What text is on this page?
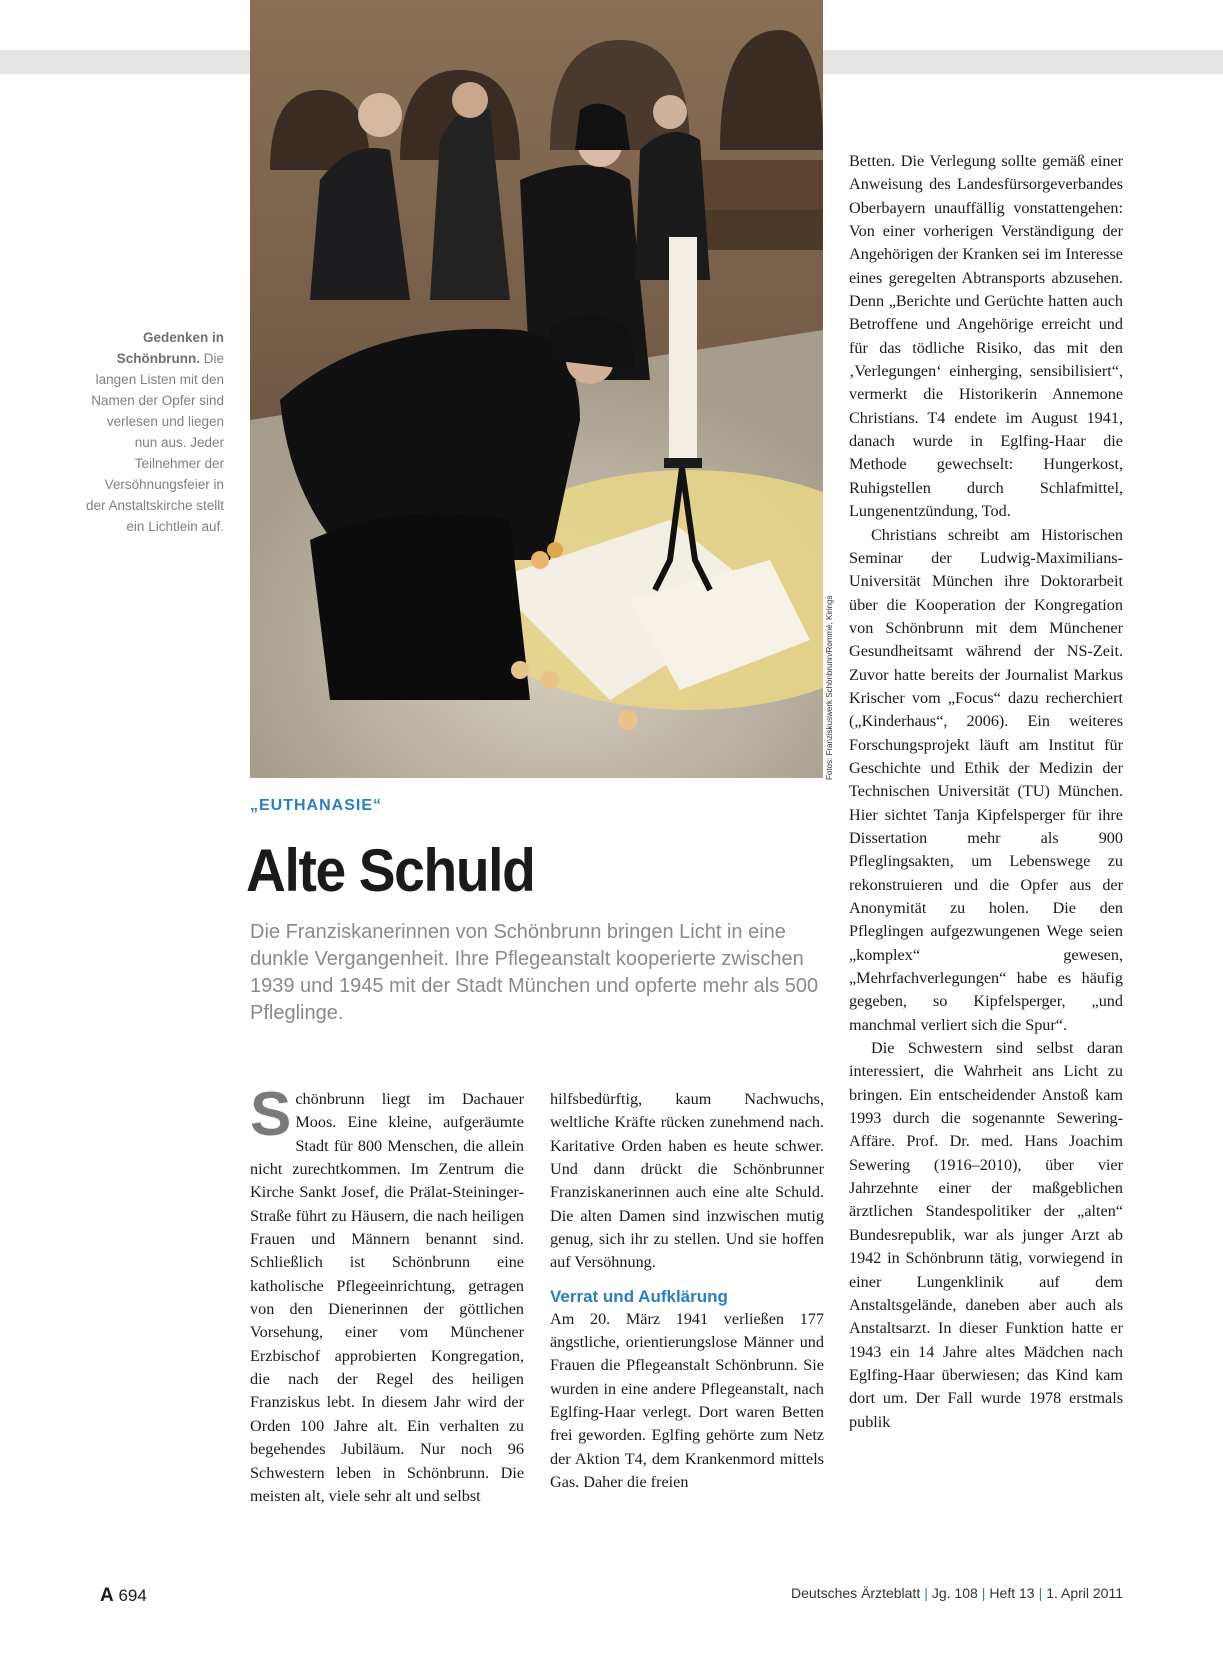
Fotos: Franziskuswerk Schönbrunn/Rommé, Kirings
Gedenken in Schönbrunn. Die langen Listen mit den Namen der Opfer sind verlesen und liegen nun aus. Jeder Teilnehmer der Versöhnungsfeier in der Anstaltskirche stellt ein Lichtlein auf.
„EUTHANASIE“
Alte Schuld
Die Franziskanerinnen von Schönbrunn bringen Licht in eine dunkle Vergangenheit. Ihre Pflegeanstalt kooperierte zwischen 1939 und 1945 mit der Stadt München und opferte mehr als 500 Pfleglinge.

Schönbrunn liegt im Dachauer Moos. Eine kleine, aufgeräumte Stadt für 800 Menschen, die allein nicht zurechtkommen. Im Zentrum die Kirche Sankt Josef, die Prälat-Steininger-Straße führt zu Häusern, die nach heiligen Frauen und Männern benannt sind. Schließlich ist Schönbrunn eine katholische Pflegeeinrichtung, getragen von den Dienerinnen der göttlichen Vorsehung, einer vom Münchener Erzbischof approbierten Kongregation, die nach der Regel des heiligen Franziskus lebt. In diesem Jahr wird der Orden 100 Jahre alt. Ein verhalten zu begehendes Jubiläum. Nur noch 96 Schwestern leben in Schönbrunn. Die meisten alt, viele sehr alt und selbst

hilfsbedürftig, kaum Nachwuchs, weltliche Kräfte rücken zunehmend nach. Karitative Orden haben es heute schwer. Und dann drückt die Schönbrunner Franziskanerinnen auch eine alte Schuld. Die alten Damen sind inzwischen mutig genug, sich ihr zu stellen. Und sie hoffen auf Versöhnung.

Verrat und Aufklärung

Am 20. März 1941 verließen 177 ängstliche, orientierungslose Männer und Frauen die Pflegeanstalt Schönbrunn. Sie wurden in eine andere Pflegeanstalt, nach Eglfing-Haar verlegt. Dort waren Betten frei geworden. Eglfing gehörte zum Netz der Aktion T4, dem Krankenmord mittels Gas. Daher die freien

Betten. Die Verlegung sollte gemäß einer Anweisung des Landesfürsorgeverbandes Oberbayern unauffällig vonstattengehen: Von einer vorherigen Verständigung der Angehörigen der Kranken sei im Interesse eines geregelten Abtransports abzusehen. Denn „Berichte und Gerüchte hatten auch Betroffene und Angehörige erreicht und für das tödliche Risiko, das mit den ‚Verlegungen‘ einherging, sensibilisiert“, vermerkt die Historikerin Annemone Christians. T4 endete im August 1941, danach wurde in Eglfing-Haar die Methode gewechselt: Hungerkost, Ruhigstellen durch Schlafmittel, Lungenentzündung, Tod.

Christians schreibt am Historischen Seminar der Ludwig-Maximilians-Universität München ihre Doktorarbeit über die Kooperation der Kongregation von Schönbrunn mit dem Münchener Gesundheitsamt während der NS-Zeit. Zuvor hatte bereits der Journalist Markus Krischer vom „Focus“ dazu recherchiert („Kinderhaus“, 2006). Ein weiteres Forschungsprojekt läuft am Institut für Geschichte und Ethik der Medizin der Technischen Universität (TU) München. Hier sichtet Tanja Kipfelsperger für ihre Dissertation mehr als 900 Pfleglingsakten, um Lebenswege zu rekonstruieren und die Opfer aus der Anonymität zu holen. Die den Pfleglingen aufgezwungenen Wege seien „komplex“ gewesen, „Mehrfachverlegungen“ habe es häufig gegeben, so Kipfelsperger, „und manchmal verliert sich die Spur“.

Die Schwestern sind selbst daran interessiert, die Wahrheit ans Licht zu bringen. Ein entscheidender Anstoß kam 1993 durch die sogenannte Sewering-Affäre. Prof. Dr. med. Hans Joachim Sewering (1916–2010), über vier Jahrzehnte einer der maßgeblichen ärztlichen Standespolitiker der „alten“ Bundesrepublik, war als junger Arzt ab 1942 in Schönbrunn tätig, vorwiegend in einer Lungenklinik auf dem Anstaltsgelände, daneben aber auch als Anstaltsarzt. In dieser Funktion hatte er 1943 ein 14 Jahre altes Mädchen nach Eglfing-Haar überwiesen; das Kind kam dort um. Der Fall wurde 1978 erstmals publik

A 694	Deutsches Ärzteblatt | Jg. 108 | Heft 13 | 1. April 2011
